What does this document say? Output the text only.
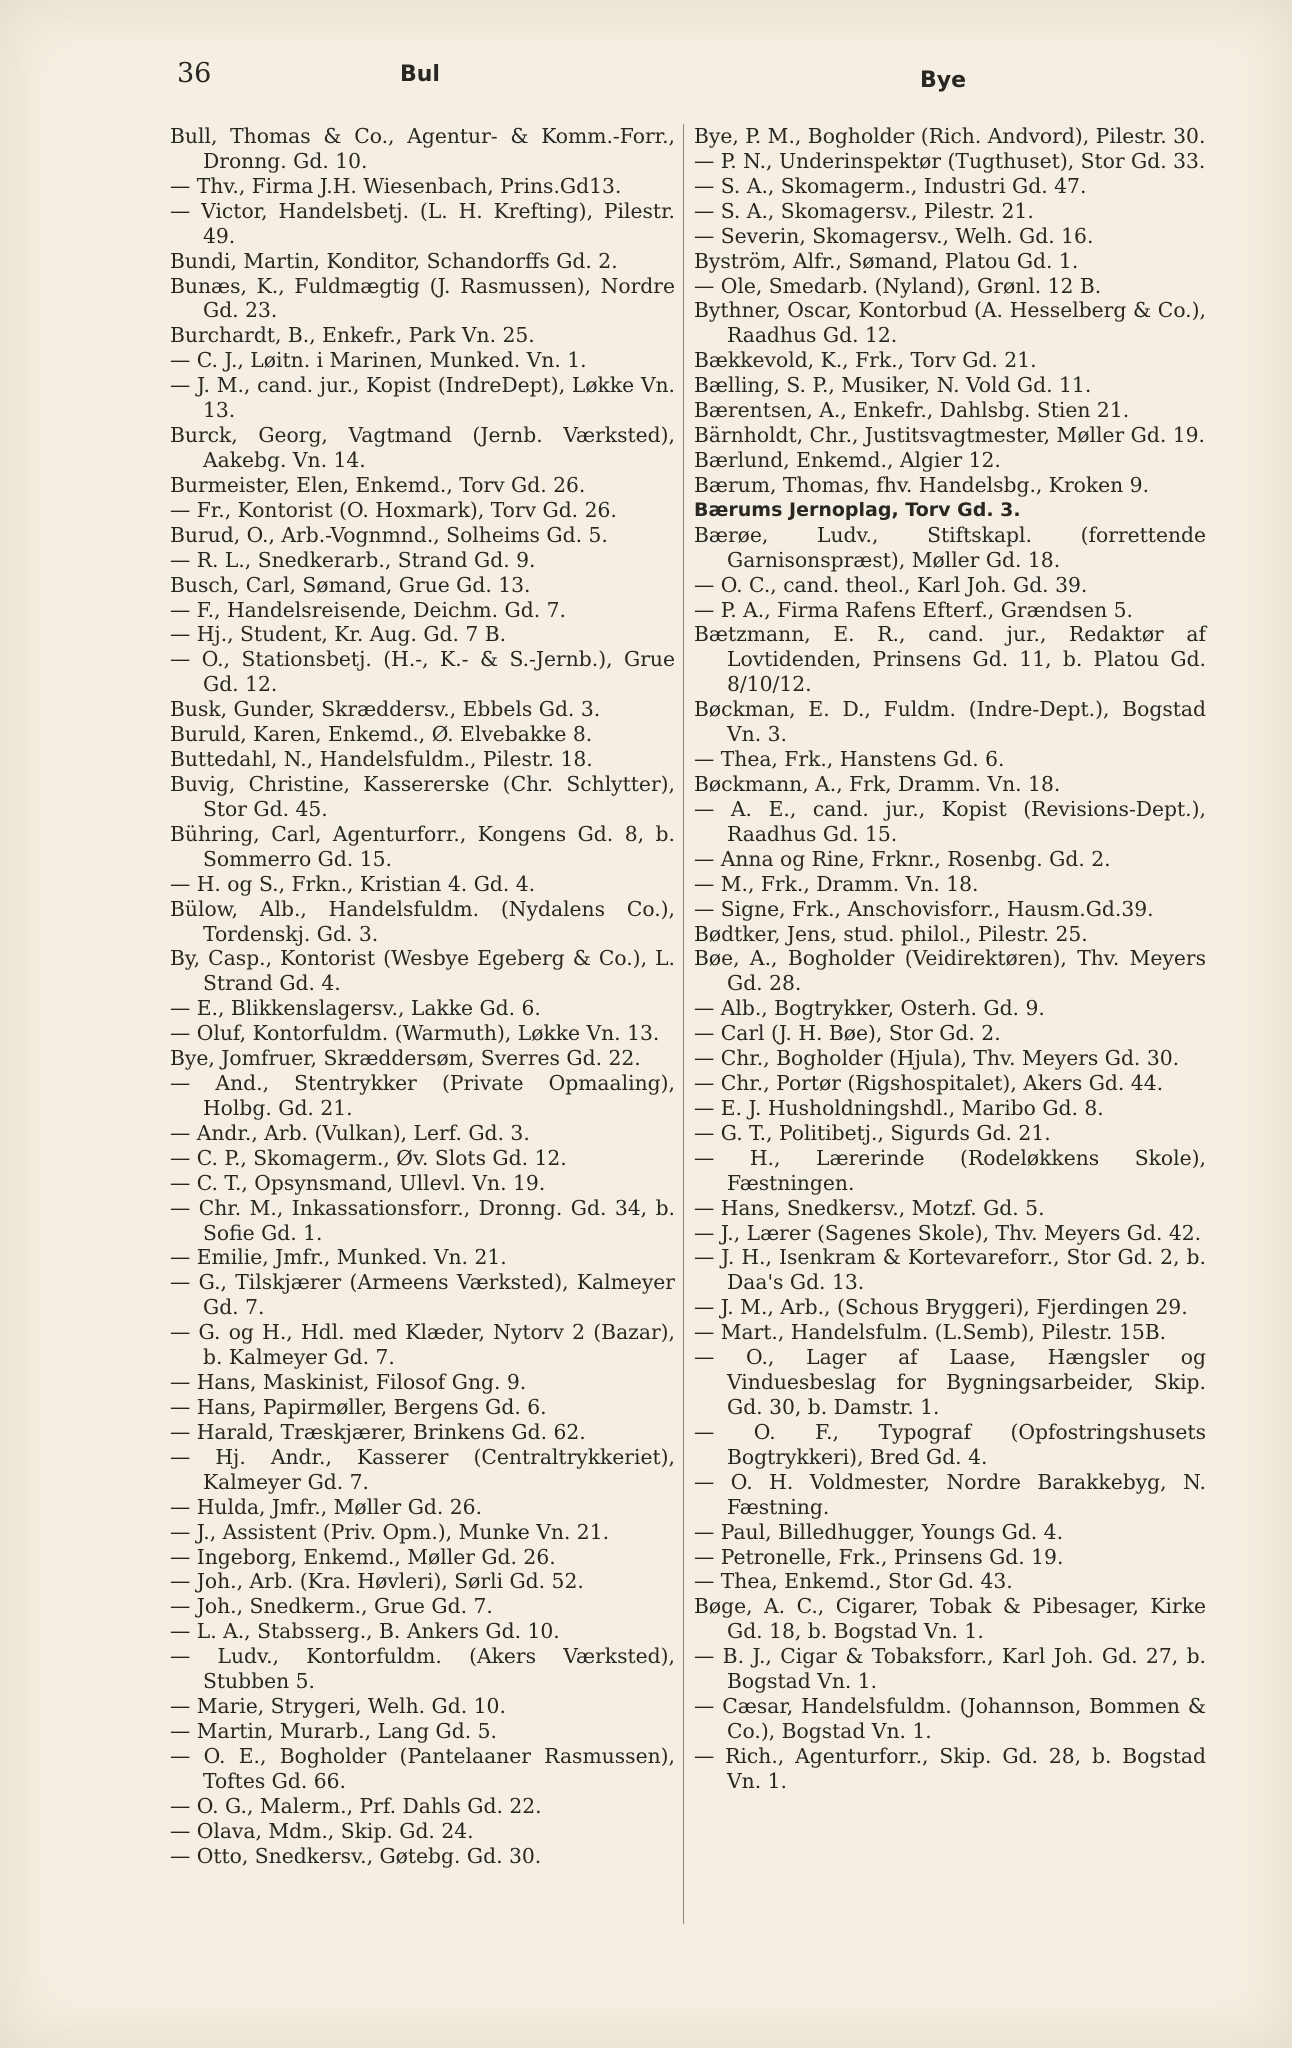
36	Bul	Bye

Bull, Thomas & Co., Agentur- & Komm.-Forr., Dronng. Gd. 10.

— Thv., Firma J.H. Wiesenbach, Prins.Gd13.

— Victor, Handelsbetj. (L. H. Krefting), Pilestr. 49.

Bundi, Martin, Konditor, Schandorffs Gd. 2.

Bunæs, K., Fuldmægtig (J. Rasmussen), Nordre Gd. 23.

Burchardt, B., Enkefr., Park Vn. 25.

— C. J., Løitn. i Marinen, Munked. Vn. 1.

— J. M., cand. jur., Kopist (IndreDept), Løkke Vn. 13.

Burck, Georg, Vagtmand (Jernb. Værksted), Aakebg. Vn. 14.

Burmeister, Elen, Enkemd., Torv Gd. 26.

— Fr., Kontorist (O. Hoxmark), Torv Gd. 26.

Burud, O., Arb.-Vognmnd., Solheims Gd. 5.

— R. L., Snedkerarb., Strand Gd. 9.

Busch, Carl, Sømand, Grue Gd. 13.

— F., Handelsreisende, Deichm. Gd. 7.

— Hj., Student, Kr. Aug. Gd. 7 B.

— O., Stationsbetj. (H.-, K.- & S.-Jernb.), Grue Gd. 12.

Busk, Gunder, Skræddersv., Ebbels Gd. 3.

Buruld, Karen, Enkemd., Ø. Elvebakke 8.

Buttedahl, N., Handelsfuldm., Pilestr. 18.

Buvig, Christine, Kassererske (Chr. Schlytter), Stor Gd. 45.

Bühring, Carl, Agenturforr., Kongens Gd. 8, b. Sommerro Gd. 15.

— H. og S., Frkn., Kristian 4. Gd. 4.

Bülow, Alb., Handelsfuldm. (Nydalens Co.), Tordenskj. Gd. 3.

By, Casp., Kontorist (Wesbye Egeberg & Co.), L. Strand Gd. 4.

— E., Blikkenslagersv., Lakke Gd. 6.

— Oluf, Kontorfuldm. (Warmuth), Løkke Vn. 13.

Bye, Jomfruer, Skræddersøm, Sverres Gd. 22.

— And., Stentrykker (Private Opmaaling), Holbg. Gd. 21.

— Andr., Arb. (Vulkan), Lerf. Gd. 3.

— C. P., Skomagerm., Øv. Slots Gd. 12.

— C. T., Opsynsmand, Ullevl. Vn. 19.

— Chr. M., Inkassationsforr., Dronng. Gd. 34, b. Sofie Gd. 1.

— Emilie, Jmfr., Munked. Vn. 21.

— G., Tilskjærer (Armeens Værksted), Kalmeyer Gd. 7.

— G. og H., Hdl. med Klæder, Nytorv 2 (Bazar), b. Kalmeyer Gd. 7.

— Hans, Maskinist, Filosof Gng. 9.

— Hans, Papirmøller, Bergens Gd. 6.

— Harald, Træskjærer, Brinkens Gd. 62.

— Hj. Andr., Kasserer (Centraltrykkeriet), Kalmeyer Gd. 7.

— Hulda, Jmfr., Møller Gd. 26.

— J., Assistent (Priv. Opm.), Munke Vn. 21.

— Ingeborg, Enkemd., Møller Gd. 26.

— Joh., Arb. (Kra. Høvleri), Sørli Gd. 52.

— Joh., Snedkerm., Grue Gd. 7.

— L. A., Stabsserg., B. Ankers Gd. 10.

— Ludv., Kontorfuldm. (Akers Værksted), Stubben 5.

— Marie, Strygeri, Welh. Gd. 10.

— Martin, Murarb., Lang Gd. 5.

— O. E., Bogholder (Pantelaaner Rasmussen), Toftes Gd. 66.

— O. G., Malerm., Prf. Dahls Gd. 22.

— Olava, Mdm., Skip. Gd. 24.

— Otto, Snedkersv., Gøtebg. Gd. 30.

Bye, P. M., Bogholder (Rich. Andvord), Pilestr. 30.

— P. N., Underinspektør (Tugthuset), Stor Gd. 33.

— S. A., Skomagerm., Industri Gd. 47.

— S. A., Skomagersv., Pilestr. 21.

— Severin, Skomagersv., Welh. Gd. 16.

Byström, Alfr., Sømand, Platou Gd. 1.

— Ole, Smedarb. (Nyland), Grønl. 12 B.

Bythner, Oscar, Kontorbud (A. Hesselberg & Co.), Raadhus Gd. 12.

Bækkevold, K., Frk., Torv Gd. 21.

Bælling, S. P., Musiker, N. Vold Gd. 11.

Bærentsen, A., Enkefr., Dahlsbg. Stien 21.

Bärnholdt, Chr., Justitsvagtmester, Møller Gd. 19.

Bærlund, Enkemd., Algier 12.

Bærum, Thomas, fhv. Handelsbg., Kroken 9.

Bærums Jernoplag, Torv Gd. 3.

Bærøe, Ludv., Stiftskapl. (forrettende Garnisonspræst), Møller Gd. 18.

— O. C., cand. theol., Karl Joh. Gd. 39.

— P. A., Firma Rafens Efterf., Grændsen 5.

Bætzmann, E. R., cand. jur., Redaktør af Lovtidenden, Prinsens Gd. 11, b. Platou Gd. 8/10/12.

Bøckman, E. D., Fuldm. (Indre-Dept.), Bogstad Vn. 3.

— Thea, Frk., Hanstens Gd. 6.

Bøckmann, A., Frk, Dramm. Vn. 18.

— A. E., cand. jur., Kopist (Revisions-Dept.), Raadhus Gd. 15.

— Anna og Rine, Frknr., Rosenbg. Gd. 2.

— M., Frk., Dramm. Vn. 18.

— Signe, Frk., Anschovisforr., Hausm.Gd.39.

Bødtker, Jens, stud. philol., Pilestr. 25.

Bøe, A., Bogholder (Veidirektøren), Thv. Meyers Gd. 28.

— Alb., Bogtrykker, Osterh. Gd. 9.

— Carl (J. H. Bøe), Stor Gd. 2.

— Chr., Bogholder (Hjula), Thv. Meyers Gd. 30.

— Chr., Portør (Rigshospitalet), Akers Gd. 44.

— E. J. Husholdningshdl., Maribo Gd. 8.

— G. T., Politibetj., Sigurds Gd. 21.

— H., Lærerinde (Rodeløkkens Skole), Fæstningen.

— Hans, Snedkersv., Motzf. Gd. 5.

— J., Lærer (Sagenes Skole), Thv. Meyers Gd. 42.

— J. H., Isenkram & Kortevareforr., Stor Gd. 2, b. Daa's Gd. 13.

— J. M., Arb., (Schous Bryggeri), Fjerdingen 29.

— Mart., Handelsfulm. (L.Semb), Pilestr. 15B.

— O., Lager af Laase, Hængsler og Vinduesbeslag for Bygningsarbeider, Skip. Gd. 30, b. Damstr. 1.

— O. F., Typograf (Opfostringshusets Bogtrykkeri), Bred Gd. 4.

— O. H. Voldmester, Nordre Barakkebyg, N. Fæstning.

— Paul, Billedhugger, Youngs Gd. 4.

— Petronelle, Frk., Prinsens Gd. 19.

— Thea, Enkemd., Stor Gd. 43.

Bøge, A. C., Cigarer, Tobak & Pibesager, Kirke Gd. 18, b. Bogstad Vn. 1.

— B. J., Cigar & Tobaksforr., Karl Joh. Gd. 27, b. Bogstad Vn. 1.

— Cæsar, Handelsfuldm. (Johannson, Bommen & Co.), Bogstad Vn. 1.

— Rich., Agenturforr., Skip. Gd. 28, b. Bogstad Vn. 1.
